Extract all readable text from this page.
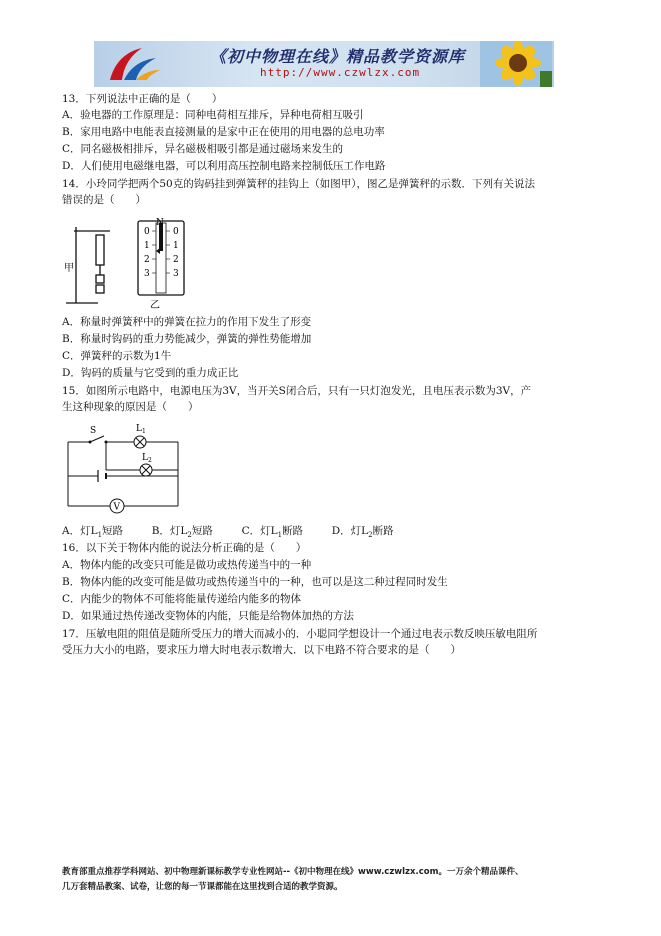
《初中物理在线》精品教学资源库
http://www.czwlzx.com
13．下列说法中正确的是（　　）
A．验电器的工作原理是：同种电荷相互排斥，异种电荷相互吸引
B．家用电路中电能表直接测量的是家中正在使用的用电器的总电功率
C．同名磁极相排斥，异名磁极相吸引都是通过磁场来发生的
D．人们使用电磁继电器，可以利用高压控制电路来控制低压工作电路
14．小玲同学把两个50克的钩码挂到弹簧秤的挂钩上（如图甲），图乙是弹簧秤的示数．下列有关说法
错误的是（　　）
甲
N
0	0
1	1
2	2
3	3
乙
A．称量时弹簧秤中的弹簧在拉力的作用下发生了形变
B．称量时钩码的重力势能减少，弹簧的弹性势能增加
C．弹簧秤的示数为1牛
D．钩码的质量与它受到的重力成正比
15．如图所示电路中，电源电压为3V，当开关S闭合后，只有一只灯泡发光，且电压表示数为3V，产
生这种现象的原因是（　　）
S	$L_1$
$L_2$
V
A．灯$L_1$短路	B．灯$L_2$短路	C．灯$L_1$断路	D．灯$L_2$断路
16．以下关于物体内能的说法分析正确的是（　　）
A．物体内能的改变只可能是做功或热传递当中的一种
B．物体内能的改变可能是做功或热传递当中的一种，也可以是这二种过程同时发生
C．内能少的物体不可能将能量传递给内能多的物体
D．如果通过热传递改变物体的内能，只能是给物体加热的方法
17．压敏电阻的阻值是随所受压力的增大而减小的．小聪同学想设计一个通过电表示数反映压敏电阻所
受压力大小的电路，要求压力增大时电表示数增大．以下电路不符合要求的是（　　）
教育部重点推荐学科网站、初中物理新课标教学专业性网站--《初中物理在线》www.czwlzx.com。一万余个精品课件、
几万套精品教案、试卷，让您的每一节课都能在这里找到合适的教学资源。
